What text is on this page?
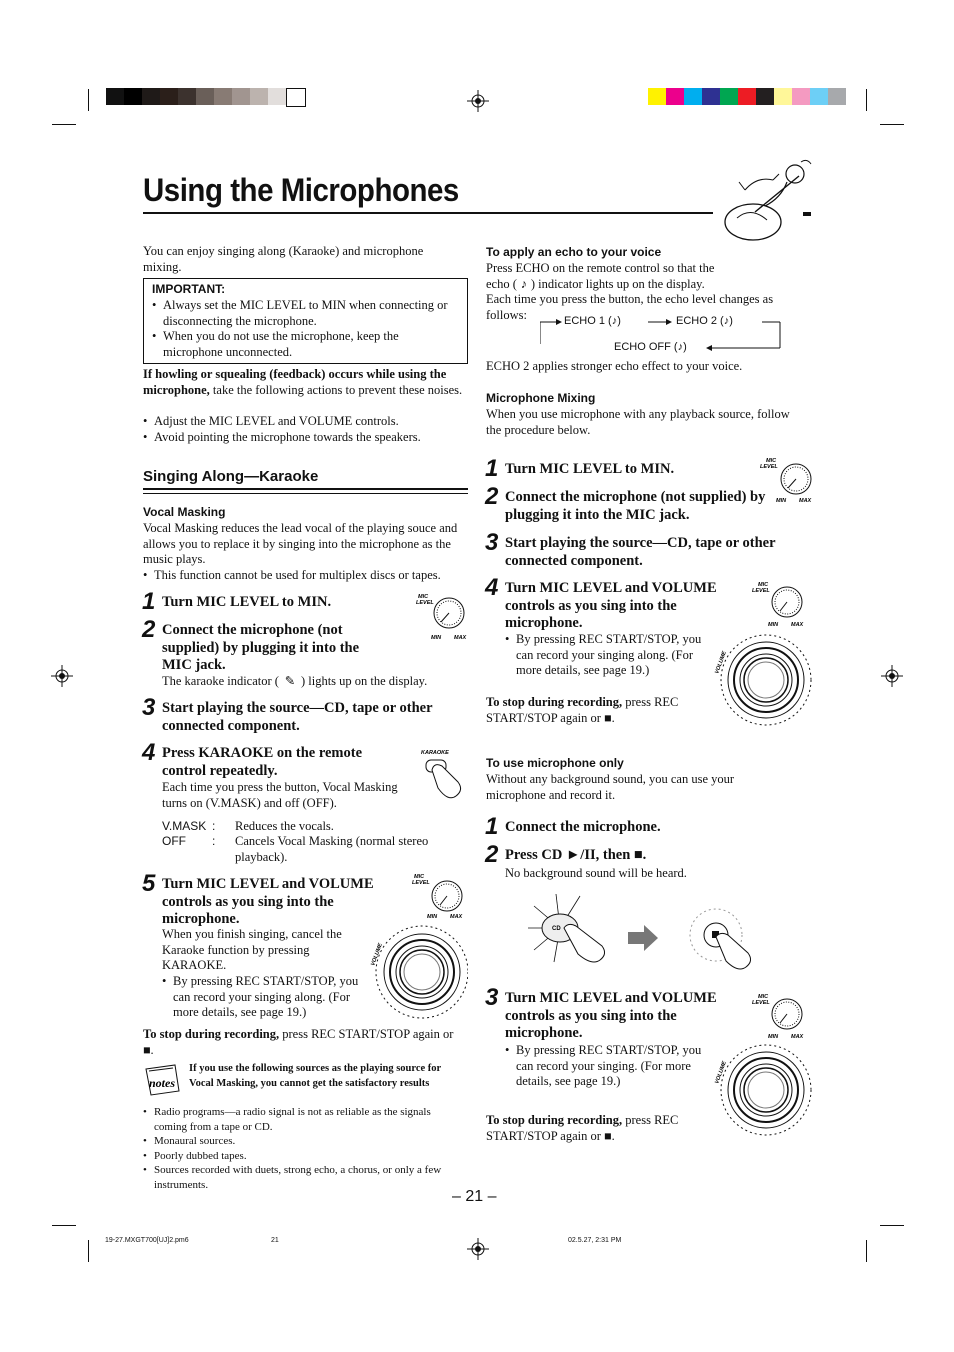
Using the Microphones

You can enjoy singing along (Karaoke) and microphone mixing.

IMPORTANT:
• Always set the MIC LEVEL to MIN when connecting or disconnecting the microphone.
• When you do not use the microphone, keep the microphone unconnected.

If howling or squealing (feedback) occurs while using the microphone, take the following actions to prevent these noises.

• Adjust the MIC LEVEL and VOLUME controls.
• Avoid pointing the microphone towards the speakers.
Singing Along—Karaoke
Vocal Masking

Vocal Masking reduces the lead vocal of the playing souce and allows you to replace it by singing into the microphone as the music plays.

• This function cannot be used for multiplex discs or tapes.
1 Turn MIC LEVEL to MIN.
2 Connect the microphone (not supplied) by plugging it into the MIC jack.

The karaoke indicator ( ✎ ) lights up on the display.

MIC
LEVEL
MIN MAX
3 Start playing the source—CD, tape or other connected component.
4 Press KARAOKE on the remote control repeatedly.
KARAOKE

Each time you press the button, Vocal Masking turns on (V.MASK) and off (OFF).

V.MASK : Reduces the vocals.
OFF : Cancels Vocal Masking (normal stereo playback).
5 Turn MIC LEVEL and VOLUME controls as you sing into the microphone.
MIC
LEVEL
MIN MAX
VOLUME

When you finish singing, cancel the Karaoke function by pressing KARAOKE.

• By pressing REC START/STOP, you can record your singing along. (For more details, see page 19.)

To stop during recording, press REC START/STOP again or ■.

notes

If you use the following sources as the playing source for Vocal Masking, you cannot get the satisfactory results

• Radio programs—a radio signal is not as reliable as the signals coming from a tape or CD.
• Monaural sources.
• Poorly dubbed tapes.
• Sources recorded with duets, strong echo, a chorus, or only a few instruments.
To apply an echo to your voice

Press ECHO on the remote control so that the

echo ( ♪ ) indicator lights up on the display.

Each time you press the button, the echo level changes as follows:	ECHO 1 (♪)	ECHO 2 (♪)
ECHO OFF (♪)

ECHO 2 applies stronger echo effect to your voice.

Microphone Mixing

When you use microphone with any playback source, follow the procedure below.

1 Turn MIC LEVEL to MIN.	MIC
LEVEL
MIN MAX
2 Connect the microphone (not supplied) by plugging it into the MIC jack.
3 Start playing the source—CD, tape or other connected component.
4 Turn MIC LEVEL and VOLUME controls as you sing into the microphone.
MIC
LEVEL
MIN MAX
VOLUME
• By pressing REC START/STOP, you can record your singing along. (For more details, see page 19.)

To stop during recording, press REC START/STOP again or ■.

To use microphone only

Without any background sound, you can use your microphone and record it.

1 Connect the microphone.
2 Press CD ►/II, then ■.

No background sound will be heard.

CD
3 Turn MIC LEVEL and VOLUME controls as you sing into the microphone.
MIC
LEVEL
MIN MAX
VOLUME
• By pressing REC START/STOP, you can record your singing. (For more details, see page 19.)

To stop during recording, press REC START/STOP again or ■.

– 21 –
19-27.MXGT700[UJ]2.pm6	21	02.5.27, 2:31 PM
